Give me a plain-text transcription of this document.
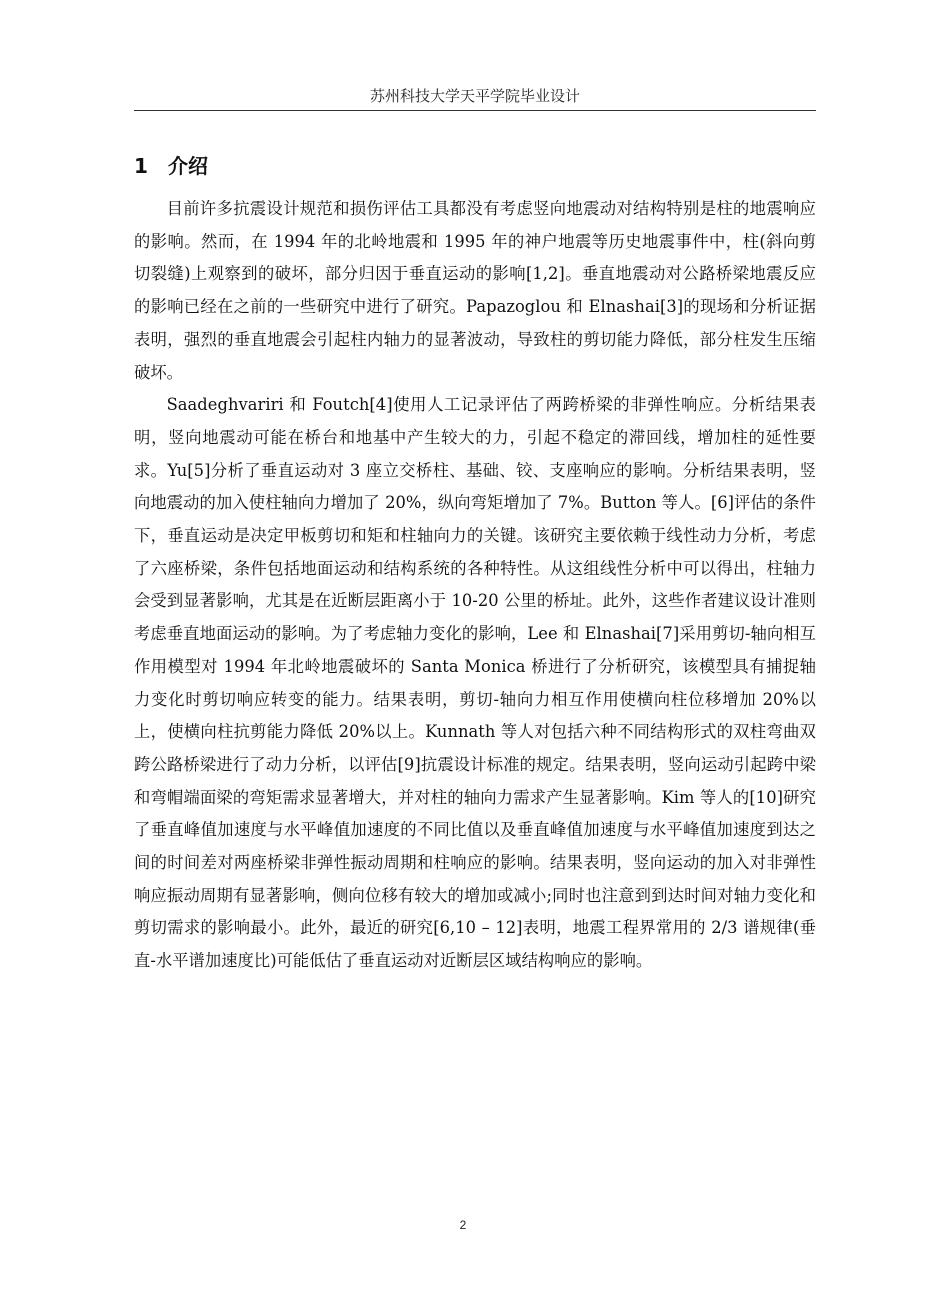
苏州科技大学天平学院毕业设计
1 介绍

目前许多抗震设计规范和损伤评估工具都没有考虑竖向地震动对结构特别是柱的地震响应的影响。然而，在 1994 年的北岭地震和 1995 年的神户地震等历史地震事件中，柱(斜向剪切裂缝)上观察到的破坏，部分归因于垂直运动的影响[1,2]。垂直地震动对公路桥梁地震反应的影响已经在之前的一些研究中进行了研究。Papazoglou 和 Elnashai[3]的现场和分析证据表明，强烈的垂直地震会引起柱内轴力的显著波动，导致柱的剪切能力降低，部分柱发生压缩破坏。

Saadeghvariri 和 Foutch[4]使用人工记录评估了两跨桥梁的非弹性响应。分析结果表明，竖向地震动可能在桥台和地基中产生较大的力，引起不稳定的滞回线，增加柱的延性要求。Yu[5]分析了垂直运动对 3 座立交桥柱、基础、铰、支座响应的影响。分析结果表明，竖向地震动的加入使柱轴向力增加了 20%，纵向弯矩增加了 7%。Button 等人。[6]评估的条件下，垂直运动是决定甲板剪切和矩和柱轴向力的关键。该研究主要依赖于线性动力分析，考虑了六座桥梁，条件包括地面运动和结构系统的各种特性。从这组线性分析中可以得出，柱轴力会受到显著影响，尤其是在近断层距离小于 10-20 公里的桥址。此外，这些作者建议设计准则考虑垂直地面运动的影响。为了考虑轴力变化的影响，Lee 和 Elnashai[7]采用剪切-轴向相互作用模型对 1994 年北岭地震破坏的 Santa Monica 桥进行了分析研究，该模型具有捕捉轴力变化时剪切响应转变的能力。结果表明，剪切-轴向力相互作用使横向柱位移增加 20%以上，使横向柱抗剪能力降低 20%以上。Kunnath 等人对包括六种不同结构形式的双柱弯曲双跨公路桥梁进行了动力分析，以评估[9]抗震设计标准的规定。结果表明，竖向运动引起跨中梁和弯帽端面梁的弯矩需求显著增大，并对柱的轴向力需求产生显著影响。Kim 等人的[10]研究了垂直峰值加速度与水平峰值加速度的不同比值以及垂直峰值加速度与水平峰值加速度到达之间的时间差对两座桥梁非弹性振动周期和柱响应的影响。结果表明，竖向运动的加入对非弹性响应振动周期有显著影响，侧向位移有较大的增加或减小;同时也注意到到达时间对轴力变化和剪切需求的影响最小。此外，最近的研究[6,10 – 12]表明，地震工程界常用的 2/3 谱规律(垂直-水平谱加速度比)可能低估了垂直运动对近断层区域结构响应的影响。

2
